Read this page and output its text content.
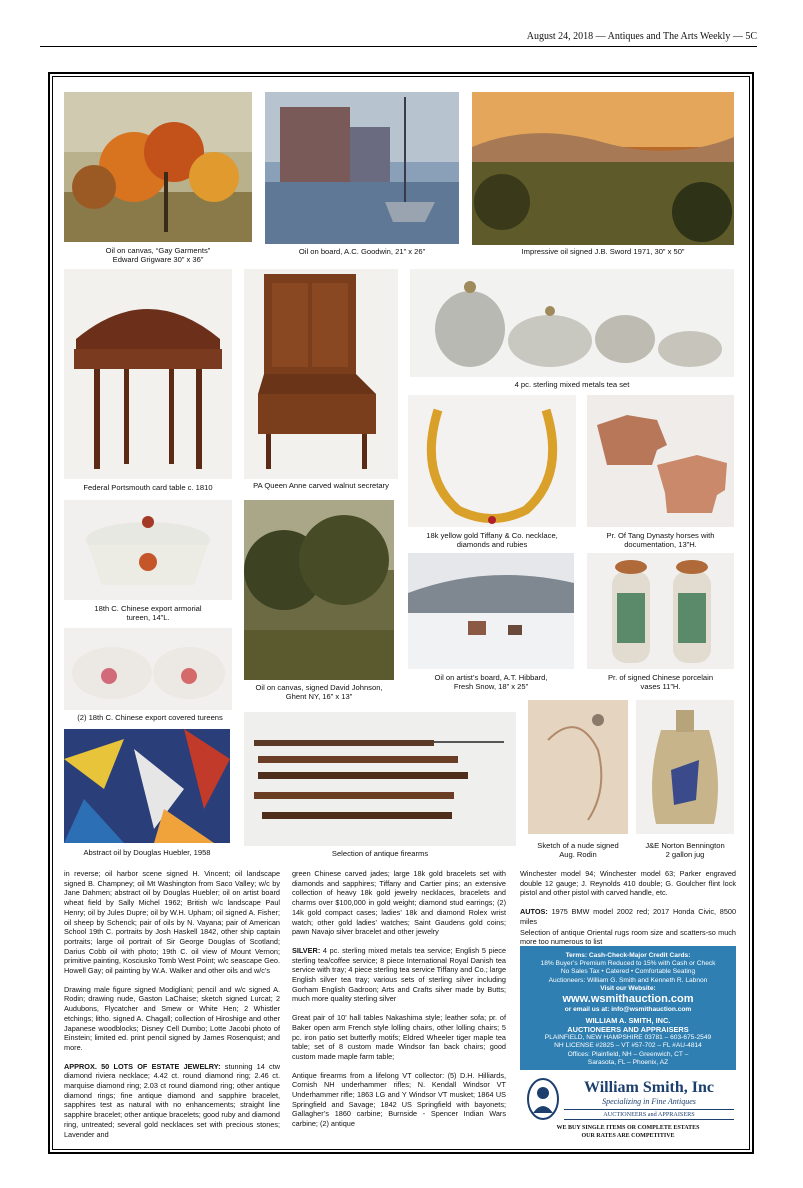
August 24, 2018 — Antiques and The Arts Weekly — 5C
Oil on canvas, “Gay Garments”
Edward Grigware 30” x 36”
Oil on board, A.C. Goodwin, 21” x 26”	Impressive oil signed J.B. Sword 1971, 30” x 50”
4 pc. sterling mixed metals tea set
Federal Portsmouth card table c. 1810	PA Queen Anne carved walnut secretary
18k yellow gold Tiffany & Co. necklace,
diamonds and rubies
Pr. Of Tang Dynasty horses with
documentation, 13”H.
18th C. Chinese export armorial
tureen, 14”L.
(2) 18th C. Chinese export covered tureens
Oil on canvas, signed David Johnson,
Ghent NY, 16” x 13”
Oil on artist’s board, A.T. Hibbard,
Fresh Snow, 18” x 25”
Pr. of signed Chinese porcelain
vases 11”H.
Abstract oil by Douglas Huebler, 1958	Selection of antique firearms
Sketch of a nude signed
Aug. Rodin
J&E Norton Bennington
2 gallon jug

in reverse; oil harbor scene signed H. Vincent; oil landscape signed B. Champney; oil Mt Washington from Saco Valley; w/c by Jane Dahmen; abstract oil by Douglas Huebler; oil on artist board wheat field by Sally Michel 1962; British w/c landscape Paul Henry; oil by Jules Dupre; oil by W.H. Upham; oil signed A. Fisher; oil sheep by Schenck; pair of oils by N. Vayana; pair of American School 19th C. portraits by Josh Haskell 1842, other ship captain portraits; large oil portrait of Sir George Douglas of Scotland; Darius Cobb oil with photo; 19th C. oil view of Mount Vernon; primitive painting, Kosciusko Tomb West Point; w/c seascape Geo. Howell Gay; oil painting by W.A. Walker and other oils and w/c’s

Drawing male figure signed Modigliani; pencil and w/c signed A. Rodin; drawing nude, Gaston LaChaise; sketch signed Lurcat; 2 Audubons, Flycatcher and Smew or White Hen; 2 Whistler etchings; litho. signed A. Chagall; collection of Hiroshige and other Japanese woodblocks; Disney Cell Dumbo; Lotte Jacobi photo of Einstein; limited ed. print pencil signed by James Rosenquist; and more.

APPROX. 50 LOTS OF ESTATE JEWELRY: stunning 14 ctw diamond riviera necklace; 4.42 ct. round diamond ring; 2.46 ct. marquise diamond ring; 2.03 ct round diamond ring; other antique diamond rings; fine antique diamond and sapphire bracelet, sapphires test as natural with no enhancements; straight line sapphire bracelet; other antique bracelets; good ruby and diamond ring, untreated; several gold necklaces set with precious stones; Lavender and

green Chinese carved jades; large 18k gold bracelets set with diamonds and sapphires; Tiffany and Cartier pins; an extensive collection of heavy 18k gold jewelry necklaces, bracelets and charms over $100,000 in gold weight; diamond stud earrings; (2) 14k gold compact cases; ladies’ 18k and diamond Rolex wrist watch; other gold ladies’ watches; Saint Gaudens gold coins; pawn Navajo silver bracelet and other jewelry

SILVER: 4 pc. sterling mixed metals tea service; English 5 piece sterling tea/coffee service; 8 piece International Royal Danish tea service with tray; 4 piece sterling tea service Tiffany and Co.; large English silver tea tray; various sets of sterling silver including Gorham English Gadroon; Arts and Crafts silver made by Butts; much more quality sterling silver

Great pair of 10’ hall tables Nakashima style; leather sofa; pr. of Baker open arm French style lolling chairs, other lolling chairs; 5 pc. iron patio set butterfly motifs; Eldred Wheeler tiger maple tea table; set of 8 custom made Windsor fan back chairs; good custom made maple farm table;

Antique firearms from a lifelong VT collector: (5) D.H. Hilliards, Cornish NH underhammer rifles; N. Kendall Windsor VT Underhammer rifle; 1863 LG and Y Windsor VT musket; 1864 US Springfield and Savage; 1842 US Springfield with bayonets; Gallagher’s 1860 carbine; Burnside - Spencer Indian Wars carbine; (2) antique

Winchester model 94; Winchester model 63; Parker engraved double 12 gauge; J. Reynolds 410 double; G. Goulcher flint lock pistol and other pistol with carved handle, etc.

AUTOS: 1975 BMW model 2002 red; 2017 Honda Civic, 8500 miles

Selection of antique Oriental rugs room size and scatters-so much more too numerous to list

Terms: Cash-Check-Major Credit Cards:
18% Buyer’s Premium Reduced to 15% with Cash or Check
No Sales Tax • Catered • Comfortable Seating
Auctioneers: William G. Smith and Kenneth R. Labnon
Visit our Website:
www.wsmithauction.com
or email us at: info@wsmithauction.com
WILLIAM A. SMITH, INC.
AUCTIONEERS AND APPRAISERS
PLAINFIELD, NEW HAMPSHIRE 03781 – 603-675-2549
NH LICENSE #2825 – VT #57-702 – FL #AU-4814
Offices: Plainfield, NH – Greenwich, CT –
Sarasota, FL – Phoenix, AZ
William Smith, Inc
Specializing in Fine Antiques
AUCTIONEERS and APPRAISERS
WE BUY SINGLE ITEMS OR COMPLETE ESTATES
OUR RATES ARE COMPETITIVE
